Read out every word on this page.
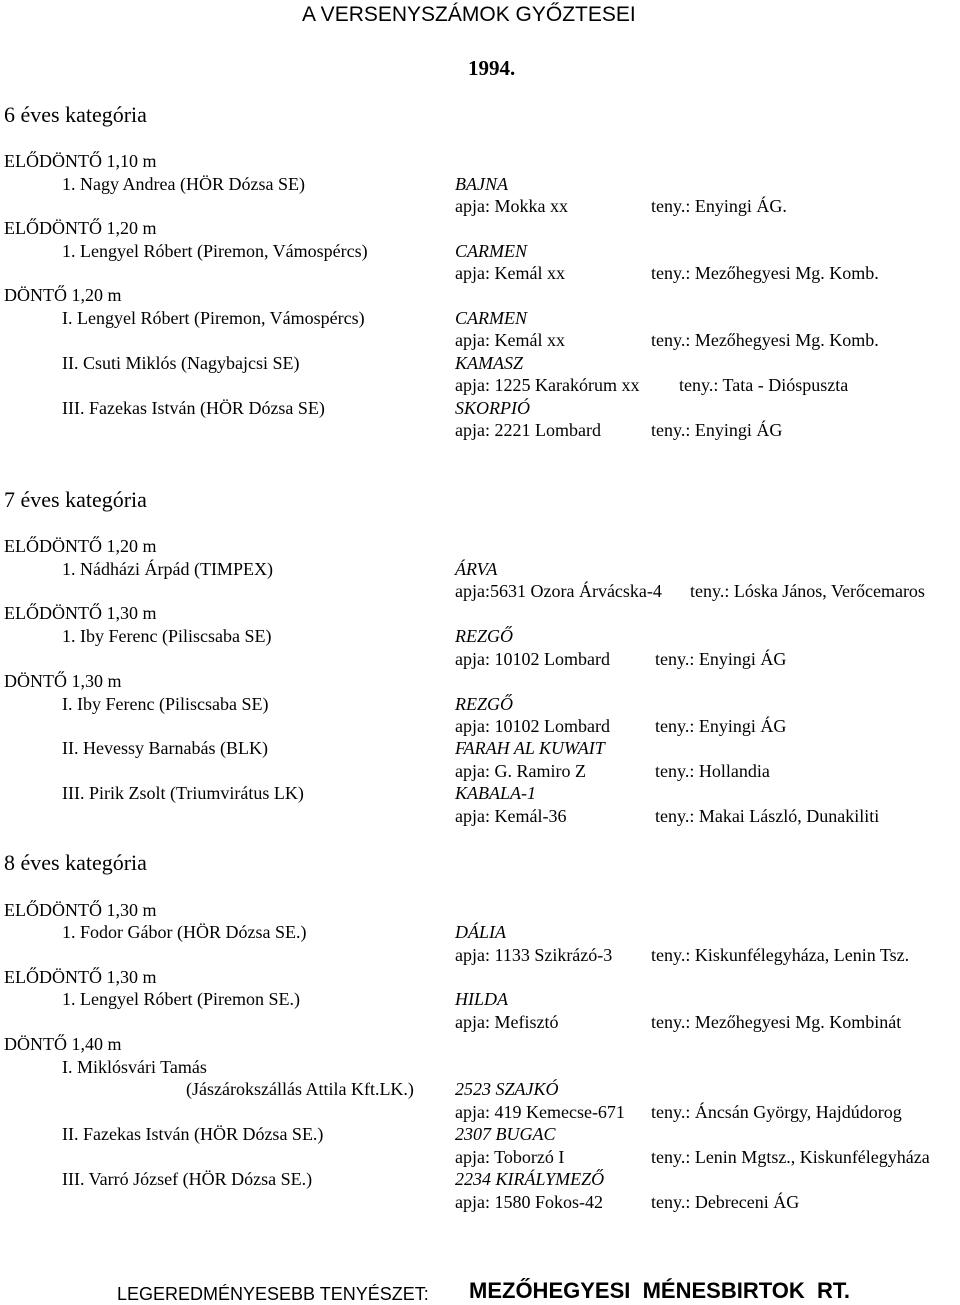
A VERSENYSZÁMOK GYŐZTESEI
1994.
6 éves kategória
ELŐDÖNTŐ 1,10 m
1. Nagy Andrea (HÖR Dózsa SE)	BAJNA
apja: Mokka xx	teny.: Enyingi ÁG.
ELŐDÖNTŐ 1,20 m
1. Lengyel Róbert (Piremon, Vámospércs)	CARMEN
apja: Kemál xx	teny.: Mezőhegyesi Mg. Komb.
DÖNTŐ 1,20 m
I. Lengyel Róbert (Piremon, Vámospércs)	CARMEN
apja: Kemál xx	teny.: Mezőhegyesi Mg. Komb.
II. Csuti Miklós (Nagybajcsi SE)	KAMASZ
apja: 1225 Karakórum xx teny.: Tata - Dióspuszta
III. Fazekas István (HÖR Dózsa SE)	SKORPIÓ
apja: 2221 Lombard	teny.: Enyingi ÁG
7 éves kategória
ELŐDÖNTŐ 1,20 m
1. Nádházi Árpád (TIMPEX)	ÁRVA
apja:5631 Ozora Árvácska-4 teny.: Lóska János, Verőcemaros
ELŐDÖNTŐ 1,30 m
1. Iby Ferenc (Piliscsaba SE)	REZGŐ
apja: 10102 Lombard	teny.: Enyingi ÁG
DÖNTŐ 1,30 m
I. Iby Ferenc (Piliscsaba SE)	REZGŐ
apja: 10102 Lombard	teny.: Enyingi ÁG
II. Hevessy Barnabás (BLK)	FARAH AL KUWAIT
apja: G. Ramiro Z	teny.: Hollandia
III. Pirik Zsolt (Triumvirátus LK)	KABALA-1
apja: Kemál-36	teny.: Makai László, Dunakiliti
8 éves kategória
ELŐDÖNTŐ 1,30 m
1. Fodor Gábor (HÖR Dózsa SE.)	DÁLIA
apja: 1133 Szikrázó-3 teny.: Kiskunfélegyháza, Lenin Tsz.
ELŐDÖNTŐ 1,30 m
1. Lengyel Róbert (Piremon SE.)	HILDA
apja: Mefisztó	teny.: Mezőhegyesi Mg. Kombinát
DÖNTŐ 1,40 m
I. Miklósvári Tamás
(Jászárokszállás Attila Kft.LK.) 2523 SZAJKÓ
apja: 419 Kemecse-671 teny.: Áncsán György, Hajdúdorog
II. Fazekas István (HÖR Dózsa SE.)	2307 BUGAC
apja: Toborzó I	teny.: Lenin Mgtsz., Kiskunfélegyháza
III. Varró József (HÖR Dózsa SE.)	2234 KIRÁLYMEZŐ
apja: 1580 Fokos-42	teny.: Debreceni ÁG
LEGEREDMÉNYESEBB TENYÉSZET: MEZŐHEGYESI  MÉNESBIRTOK  RT.
